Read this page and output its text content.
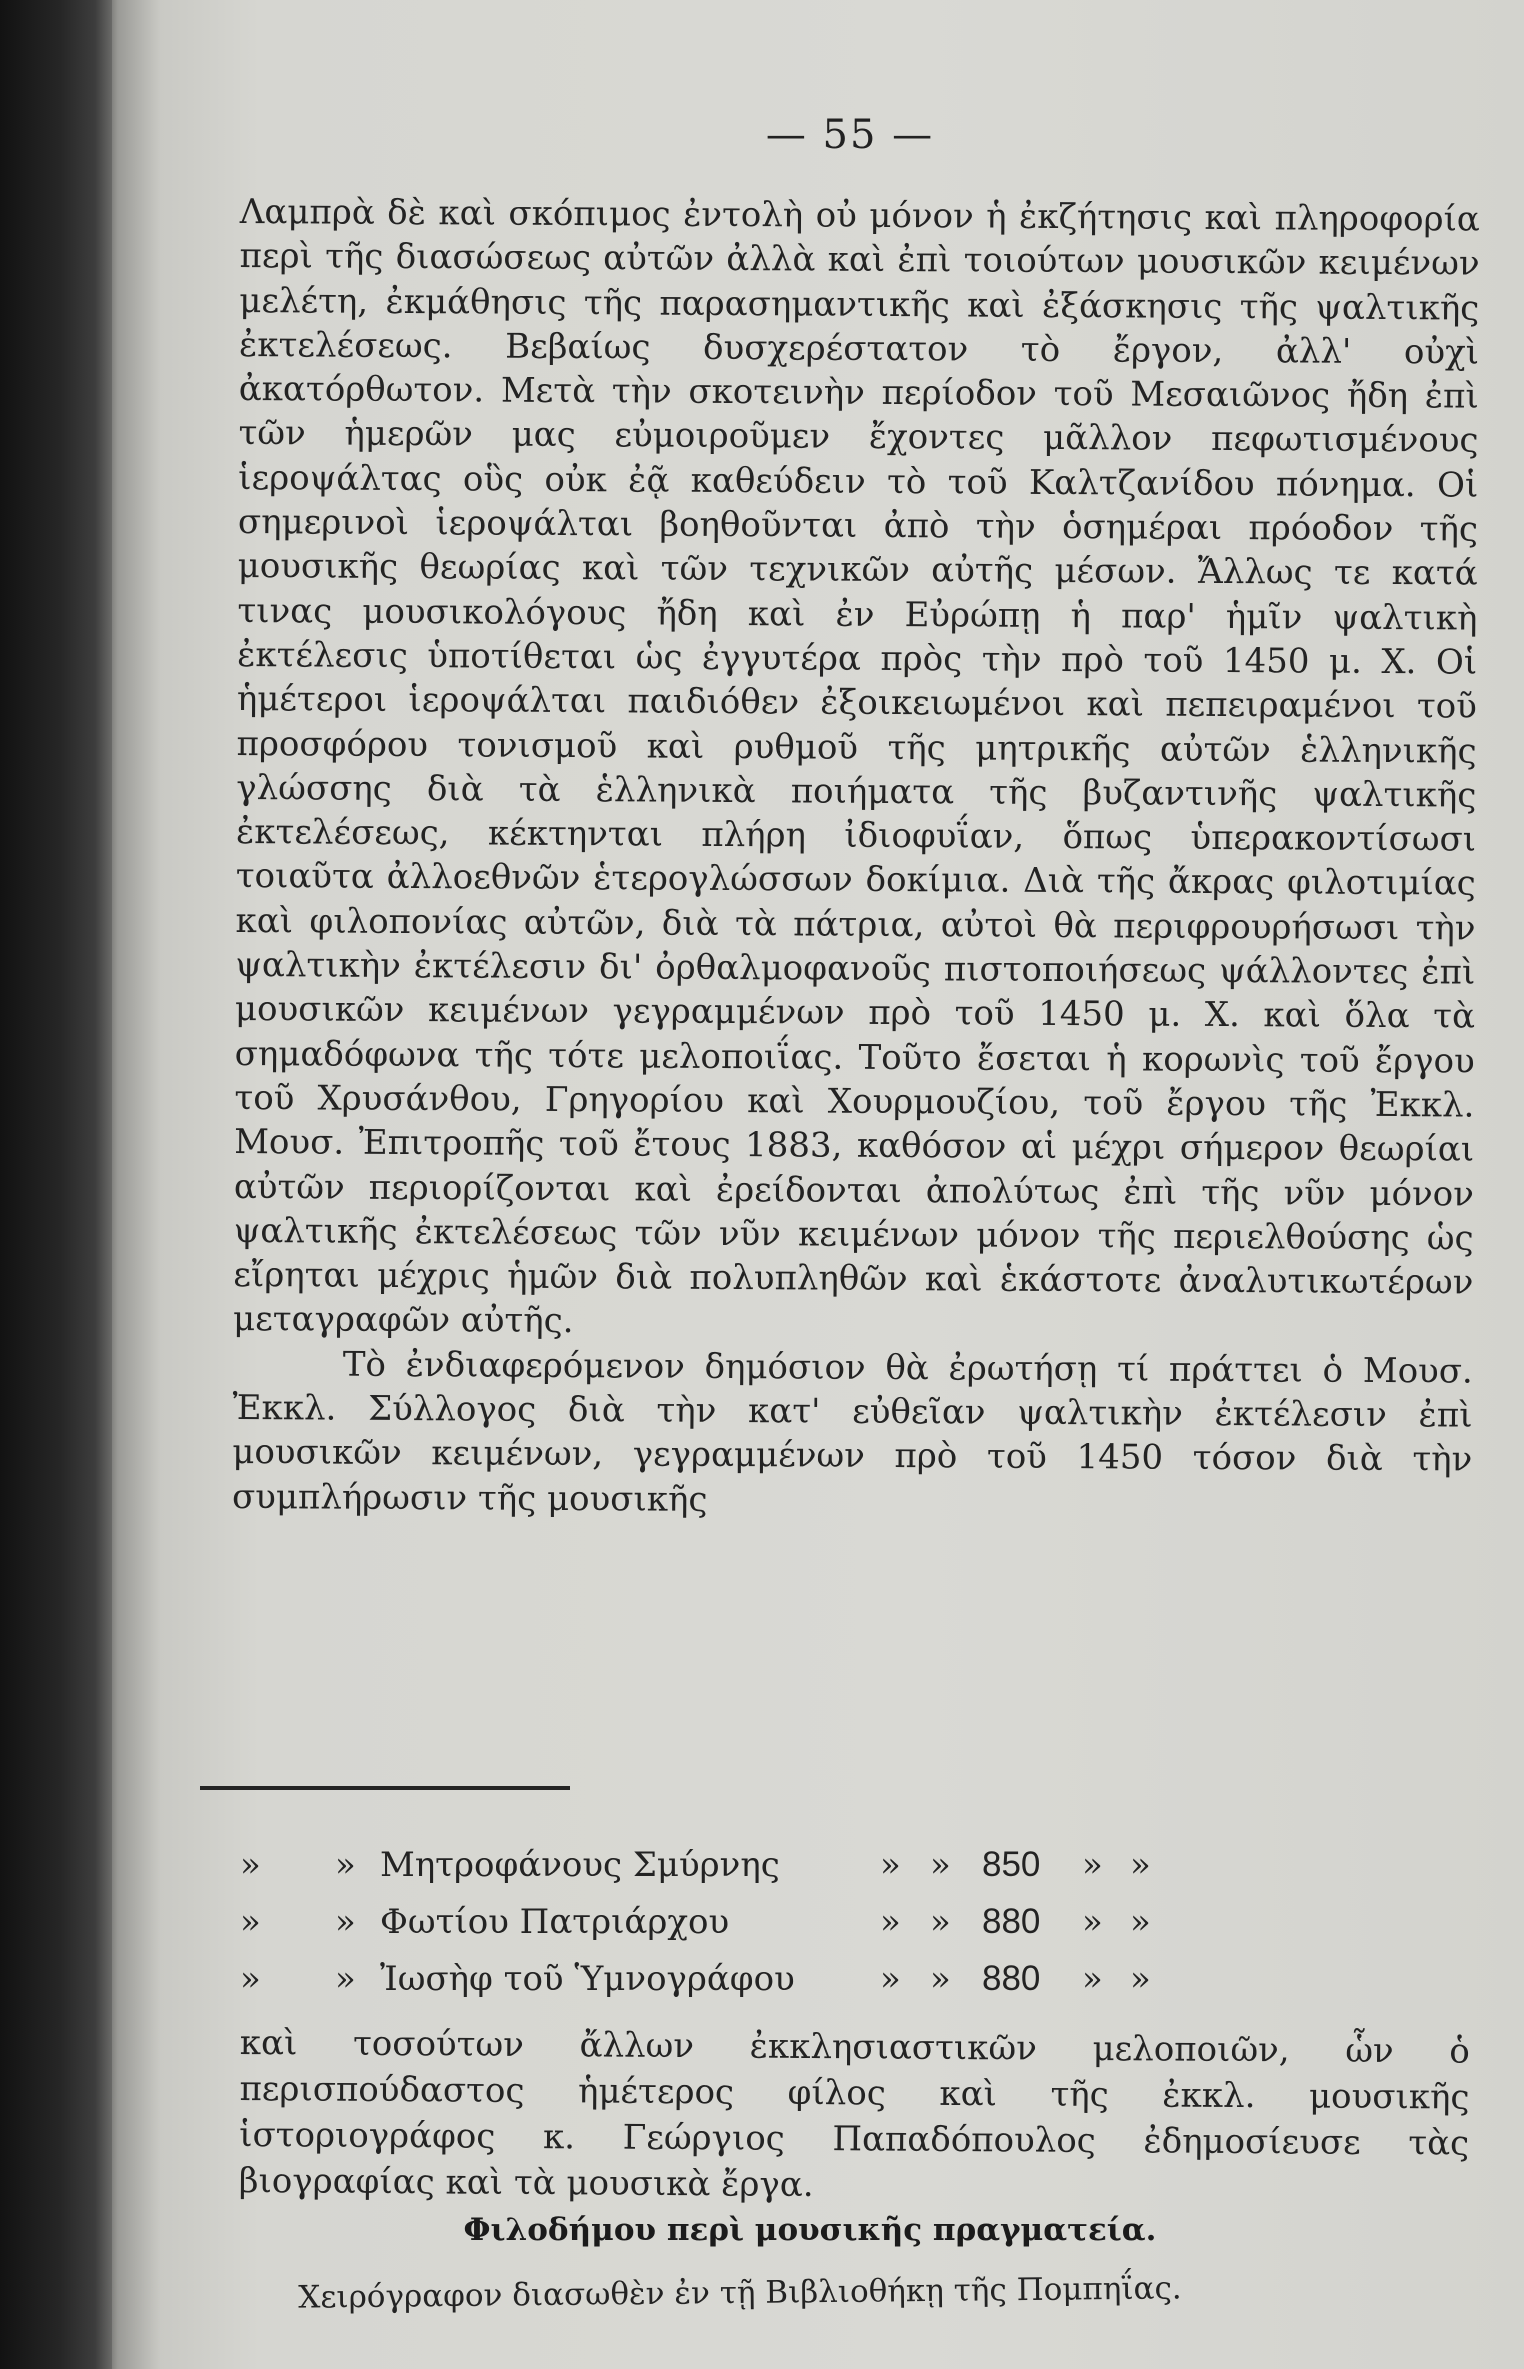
— 55 —

Λαμπρὰ δὲ καὶ σκόπιμος ἐντολὴ οὐ μόνον ἡ ἐκζήτησις καὶ πληροφορία περὶ τῆς διασώσεως αὐτῶν ἀλλὰ καὶ ἐπὶ τοιούτων μουσικῶν κειμένων μελέτη, ἐκμάθησις τῆς παρασημαντικῆς καὶ ἐξάσκησις τῆς ψαλτικῆς ἐκτελέσεως. Βεβαίως δυσχερέστατον τὸ ἔργον, ἀλλ' οὐχὶ ἀκατόρθωτον. Μετὰ τὴν σκοτεινὴν περίοδον τοῦ Μεσαιῶνος ἤδη ἐπὶ τῶν ἡμερῶν μας εὐμοιροῦμεν ἔχοντες μᾶλλον πεφωτισμένους ἱεροψάλτας οὓς οὐκ ἐᾷ καθεύδειν τὸ τοῦ Καλτζανίδου πόνημα. Οἱ σημερινοὶ ἱεροψάλται βοηθοῦνται ἀπὸ τὴν ὁσημέραι πρόοδον τῆς μουσικῆς θεωρίας καὶ τῶν τεχνικῶν αὐτῆς μέσων. Ἄλλως τε κατά τινας μουσικολόγους ἤδη καὶ ἐν Εὐρώπῃ ἡ παρ' ἡμῖν ψαλτικὴ ἐκτέλεσις ὑποτίθεται ὡς ἐγγυτέρα πρὸς τὴν πρὸ τοῦ 1450 μ. Χ. Οἱ ἡμέτεροι ἱεροψάλται παιδιόθεν ἐξοικειωμένοι καὶ πεπειραμένοι τοῦ προσφόρου τονισμοῦ καὶ ρυθμοῦ τῆς μητρικῆς αὐτῶν ἑλληνικῆς γλώσσης διὰ τὰ ἑλληνικὰ ποιήματα τῆς βυζαντινῆς ψαλτικῆς ἐκτελέσεως, κέκτηνται πλήρη ἰδιοφυΐαν, ὅπως ὑπερακοντίσωσι τοιαῦτα ἀλλοεθνῶν ἑτερογλώσσων δοκίμια. Διὰ τῆς ἄκρας φιλοτιμίας καὶ φιλοπονίας αὐτῶν, διὰ τὰ πάτρια, αὐτοὶ θὰ περιφρουρήσωσι τὴν ψαλτικὴν ἐκτέλεσιν δι' ὀρθαλμοφανοῦς πιστοποιήσεως ψάλλοντες ἐπὶ μουσικῶν κειμένων γεγραμμένων πρὸ τοῦ 1450 μ. Χ. καὶ ὅλα τὰ σημαδόφωνα τῆς τότε μελοποιΐας. Τοῦτο ἔσεται ἡ κορωνὶς τοῦ ἔργου τοῦ Χρυσάνθου, Γρηγορίου καὶ Χουρμουζίου, τοῦ ἔργου τῆς Ἐκκλ. Μουσ. Ἐπιτροπῆς τοῦ ἔτους 1883, καθόσον αἱ μέχρι σήμερον θεωρίαι αὐτῶν περιορίζονται καὶ ἐρείδονται ἀπολύτως ἐπὶ τῆς νῦν μόνον ψαλτικῆς ἐκτελέσεως τῶν νῦν κειμένων μόνον τῆς περιελθούσης ὡς εἴρηται μέχρις ἡμῶν διὰ πολυπληθῶν καὶ ἑκάστοτε ἀναλυτικωτέρων μεταγραφῶν αὐτῆς.

Τὸ ἐνδιαφερόμενον δημόσιον θὰ ἐρωτήσῃ τί πράττει ὁ Μουσ. Ἐκκλ. Σύλλογος διὰ τὴν κατ' εὐθεῖαν ψαλτικὴν ἐκτέλεσιν ἐπὶ μουσικῶν κειμένων, γεγραμμένων πρὸ τοῦ 1450 τόσον διὰ τὴν συμπλήρωσιν τῆς μουσικῆς

» » Μητροφάνους Σμύρνης	» » 850 » »
» » Φωτίου Πατριάρχου	» » 880 » »
» » Ἰωσὴφ τοῦ Ὑμνογράφου	» » 880 » »

καὶ τοσούτων ἄλλων ἐκκλησιαστικῶν μελοποιῶν, ὧν ὁ περισπούδαστος ἡμέτερος φίλος καὶ τῆς ἐκκλ. μουσικῆς ἱστοριογράφος κ. Γεώργιος Παπαδόπουλος ἐδημοσίευσε τὰς βιογραφίας καὶ τὰ μουσικὰ ἔργα.

Φιλοδήμου περὶ μουσικῆς πραγματεία.
Χειρόγραφον διασωθὲν ἐν τῇ Βιβλιοθήκῃ τῆς Πομπηΐας.
